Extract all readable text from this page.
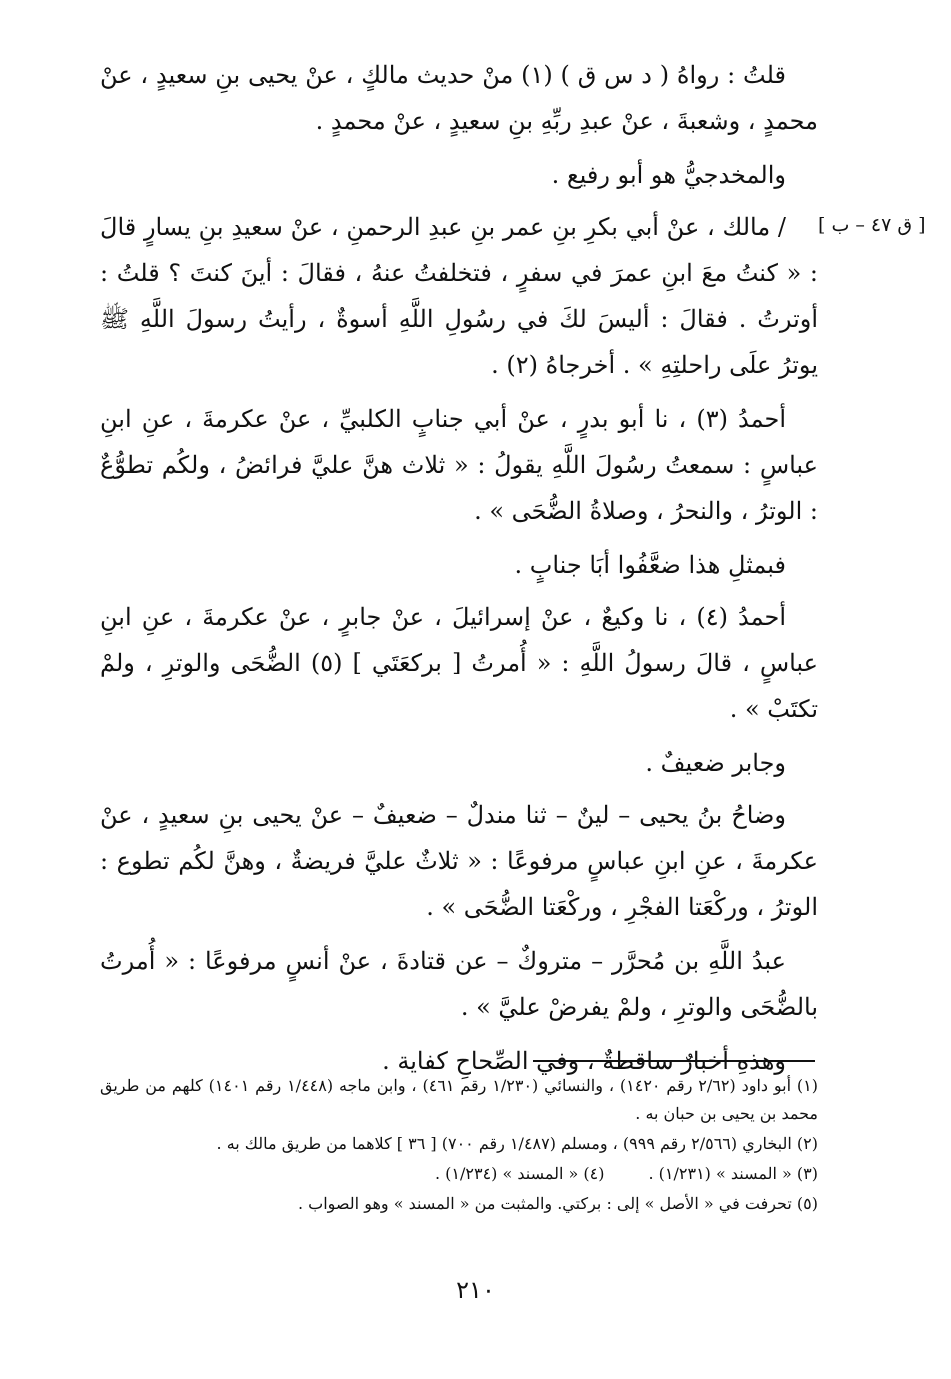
[ ق ٤٧ – ب ]

قلتُ : رواهُ ( د س ق ) (١) منْ حديث مالكٍ ، عنْ يحيى بنِ سعيدٍ ، عنْ محمدٍ ، وشعبةَ ، عنْ عبدِ ربِّهِ بنِ سعيدٍ ، عنْ محمدٍ .

والمخدجيُّ هو أبو رفيع .

/ مالك ، عنْ أبي بكرِ بنِ عمر بنِ عبدِ الرحمنِ ، عنْ سعيدِ بنِ يسارٍ قالَ : « كنتُ معَ ابنِ عمرَ في سفرٍ ، فتخلفتُ عنهُ ، فقالَ : أينَ كنتَ ؟ قلتُ : أوترتُ . فقالَ : أليسَ لكَ في رسُولِ اللَّهِ أسوةٌ ، رأيتُ رسولَ اللَّهِ ﷺ يوترُ علَى راحلتِهِ » . أخرجاهُ (٢) .

أحمدُ (٣) ، نا أبو بدرٍ ، عنْ أبي جنابٍ الكلبيِّ ، عنْ عكرمةَ ، عنِ ابنِ عباسٍ : سمعتُ رسُولَ اللَّهِ يقولُ : « ثلاث هنَّ عليَّ فرائضُ ، ولكُم تطوُّعٌ : الوترُ ، والنحرُ ، وصلاةُ الضُّحَى » .

فبمثلِ هذا ضعَّفُوا أبَا جنابٍ .

أحمدُ (٤) ، نا وكيعٌ ، عنْ إسرائيلَ ، عنْ جابرٍ ، عنْ عكرمةَ ، عنِ ابنِ عباسٍ ، قالَ رسولُ اللَّهِ : « أُمرتُ [ بركعَتَي ] (٥) الضُّحَى والوترِ ، ولمْ تكتَبْ » .

وجابر ضعيفٌ .

وضاحُ بنُ يحيى – لينٌ – ثنا مندلٌ – ضعيفٌ – عنْ يحيى بنِ سعيدٍ ، عنْ عكرمةَ ، عنِ ابنِ عباسٍ مرفوعًا : « ثلاثٌ عليَّ فريضةٌ ، وهنَّ لكُم تطوع : الوترُ ، وركْعَتا الفجْرِ ، وركْعَتا الضُّحَى » .

عبدُ اللَّهِ بن مُحرَّر – متروكٌ – عن قتادةَ ، عنْ أنسٍ مرفوعًا : « أُمرتُ بالضُّحَى والوترِ ، ولمْ يفرضْ عليَّ » .

وهذهِ أخبارٌ ساقطةٌ ، وفي الصِّحاحِ كفاية .

(١) أبو داود (٢/٦٢ رقم ١٤٢٠) ، والنسائي (١/٢٣٠ رقم ٤٦١) ، وابن ماجه (١/٤٤٨ رقم ١٤٠١) كلهم من طريق محمد بن يحيى بن حبان به .

(٢) البخاري (٢/٥٦٦ رقم ٩٩٩) ، ومسلم (١/٤٨٧ رقم ٧٠٠) [ ٣٦ ] كلاهما من طريق مالك به .

(٣) « المسند » (١/٢٣١) .
(٤) « المسند » (١/٢٣٤) .

(٥) تحرفت في « الأصل » إلى : بركتي. والمثبت من « المسند » وهو الصواب .

٢١٠
